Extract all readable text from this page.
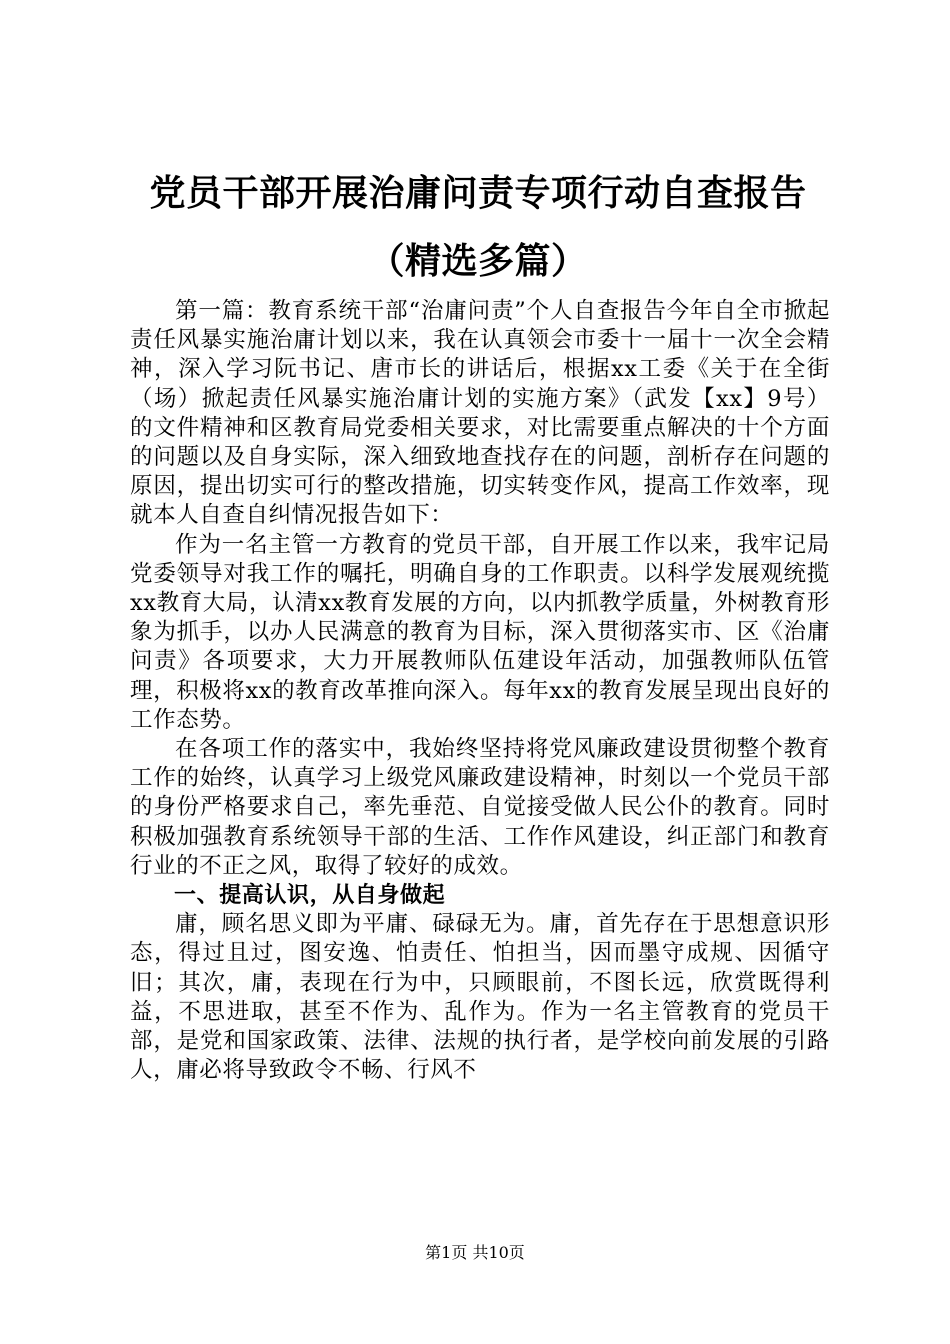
党员干部开展治庸问责专项行动自查报告（精选多篇）

第一篇：教育系统干部“治庸问责”个人自查报告今年自全市掀起责任风暴实施治庸计划以来，我在认真领会市委十一届十一次全会精神，深入学习阮书记、唐市长的讲话后，根据xx工委《关于在全街（场）掀起责任风暴实施治庸计划的实施方案》（武发【xx】9号）的文件精神和区教育局党委相关要求，对比需要重点解决的十个方面的问题以及自身实际，深入细致地查找存在的问题，剖析存在问题的原因，提出切实可行的整改措施，切实转变作风，提高工作效率，现就本人自查自纠情况报告如下：

作为一名主管一方教育的党员干部，自开展工作以来，我牢记局党委领导对我工作的嘱托，明确自身的工作职责。以科学发展观统揽xx教育大局，认清xx教育发展的方向，以内抓教学质量，外树教育形象为抓手，以办人民满意的教育为目标，深入贯彻落实市、区《治庸问责》各项要求，大力开展教师队伍建设年活动，加强教师队伍管理，积极将xx的教育改革推向深入。每年xx的教育发展呈现出良好的工作态势。

在各项工作的落实中，我始终坚持将党风廉政建设贯彻整个教育工作的始终，认真学习上级党风廉政建设精神，时刻以一个党员干部的身份严格要求自己，率先垂范、自觉接受做人民公仆的教育。同时积极加强教育系统领导干部的生活、工作作风建设，纠正部门和教育行业的不正之风，取得了较好的成效。

一、提高认识，从自身做起

庸，顾名思义即为平庸、碌碌无为。庸，首先存在于思想意识形态，得过且过，图安逸、怕责任、怕担当，因而墨守成规、因循守旧；其次，庸，表现在行为中，只顾眼前，不图长远，欣赏既得利益，不思进取，甚至不作为、乱作为。作为一名主管教育的党员干部，是党和国家政策、法律、法规的执行者，是学校向前发展的引路人，庸必将导致政令不畅、行风不

第1页 共10页
